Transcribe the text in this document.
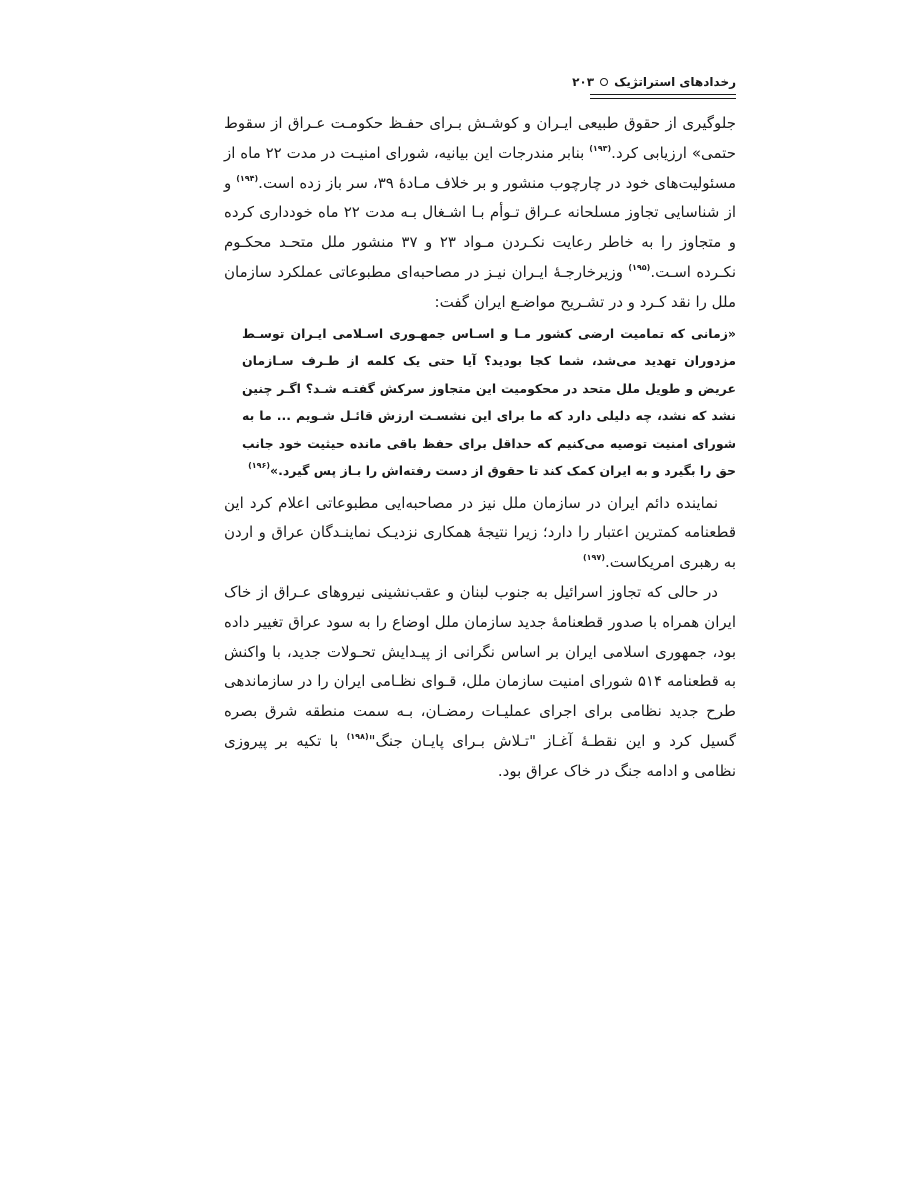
رخدادهای استراتژیک
۲۰۳

جلوگیری از حقوق طبیعی ایـران و کوشـش بـرای حفـظ حکومـت عـراق از سقوط حتمی» ارزیابی کرد.$^{(۱۹۳)}$ بنابر مندرجات این بیانیه، شورای امنیـت در مدت ۲۲ ماه از مسئولیت‌های خود در چارچوب منشور و بر خلاف مـادهٔ ۳۹، سر باز زده است.$^{(۱۹۴)}$ و از شناسایی تجاوز مسلحانه عـراق تـوأم بـا اشـغال بـه مدت ۲۲ ماه خودداری کرده و متجاوز را به خاطر رعایت نکـردن مـواد ۲۳ و ۳۷ منشور ملل متحـد محکـوم نکـرده اسـت.$^{(۱۹۵)}$ وزیرخارجـهٔ ایـران نیـز در مصاحبه‌ای مطبوعاتی عملکرد سازمان ملل را نقد کـرد و در تشـریح مواضـع ایران گفت:

«زمانی که تمامیت ارضی کشور مـا و اسـاس جمهـوری اسـلامی ایـران توسـط مزدوران تهدید می‌شد، شما کجا بودید؟ آیا حتی یک کلمه از طـرف سـازمان عریض و طویل ملل متحد در محکومیت این متجاوز سرکش گفتـه شـد؟ اگـر چنین نشد که نشد، چه دلیلی دارد که ما برای این نشسـت ارزش قائـل شـویم ... ما به شورای امنیت توصیه می‌کنیم که حداقل برای حفظ باقی مانده حیثیت خود جانب حق را بگیرد و به ایران کمک کند تا حقوق از دست رفته‌اش را بـاز پس گیرد.»$^{(۱۹۶)}$

نماینده دائم ایران در سازمان ملل نیز در مصاحبه‌ایی مطبوعاتی اعلام کرد این قطعنامه کمترین اعتبار را دارد؛ زیرا نتیجهٔ همکاری نزدیـک نماینـدگان عراق و اردن به رهبری امریکاست.$^{(۱۹۷)}$

در حالی که تجاوز اسرائیل به جنوب لبنان و عقب‌نشینی نیروهای عـراق از خاک ایران همراه با صدور قطعنامهٔ جدید سازمان ملل اوضاع را به سود عراق تغییر داده بود، جمهوری اسلامی ایران بر اساس نگرانی از پیـدایش تحـولات جدید، با واکنش به قطعنامه ۵۱۴ شورای امنیت سازمان ملل، قـوای نظـامی ایران را در سازماندهی طرح جدید نظامی برای اجرای عملیـات رمضـان، بـه سمت منطقه شرق بصره گسیل کرد و این نقطـهٔ آغـاز "تـلاش بـرای پایـان جنگ"$^{(۱۹۸)}$ با تکیه بر پیروزی نظامی و ادامه جنگ در خاک عراق بود.
